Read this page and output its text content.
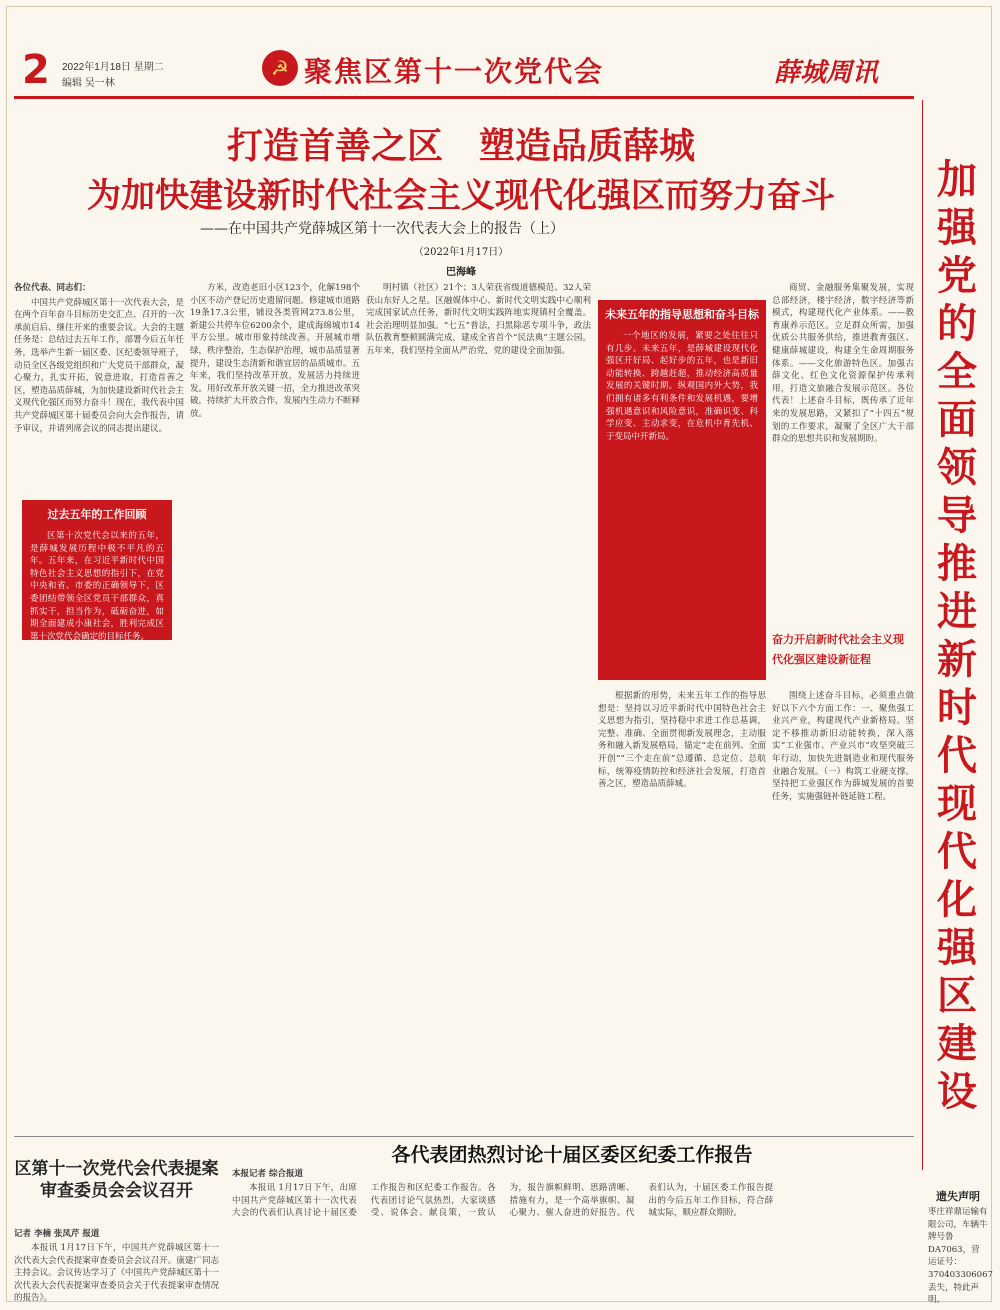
2 2022年1月18日 星期二
编辑 吴一林
☭ 聚焦区第十一次党代会	薛城周讯
加强党的全面领导 推进新时代现代化强区建设
打造首善之区　塑造品质薛城
为加快建设新时代社会主义现代化强区而努力奋斗
——在中国共产党薛城区第十一次代表大会上的报告（上）
（2022年1月17日）
巴海峰

各位代表、同志们：

中国共产党薛城区第十一次代表大会，是在两个百年奋斗目标历史交汇点、召开的一次承前启后、继往开来的重要会议。大会的主题任务是：总结过去五年工作，部署今后五年任务，选举产生新一届区委、区纪委领导班子，动员全区各级党组织和广大党员干部群众，凝心聚力，扎实开拓，锐意进取，打造首善之区，塑造品质薛城，为加快建设新时代社会主义现代化强区而努力奋斗！现在，我代表中国共产党薛城区第十届委员会向大会作报告，请予审议，并请列席会议的同志提出建议。

过去五年的工作回顾

区第十次党代会以来的五年，是薛城发展历程中极不平凡的五年。五年来，在习近平新时代中国特色社会主义思想的指引下，在党中央和省、市委的正确领导下，区委团结带领全区党员干部群众，真抓实干，担当作为，砥砺奋进，如期全面建成小康社会，胜利完成区第十次党代会确定的目标任务。

方米，改造老旧小区123个，化解198个小区不动产登记历史遗留问题。修建城市道路19条17.3公里，铺设各类管网273.8公里，新建公共停车位6200余个，建成海绵城市14平方公里。城市形象持续改善。开展城市增绿，秩序整治，生态保护治理，城市品质显著提升，建设生态清新和谐宜居的品质城市。五年来，我们坚持改革开放，发展活力持续迸发。用好改革开放关键一招，全力推进改革突破，持续扩大开放合作，发展内生动力不断释放。

明村镇（社区）21个；3人荣获省级道德模范、32人荣获山东好人之星。区融媒体中心、新时代文明实践中心顺利完成国家试点任务，新时代文明实践阵地实现镇村全覆盖。社会治理明显加强。“七五”普法，扫黑除恶专项斗争，政法队伍教育整顿圆满完成，建成全省首个“民法典”主题公园。五年来，我们坚持全面从严治党，党的建设全面加强。

未来五年的指导思想和奋斗目标

一个地区的发展，紧要之处往往只有几步。未来五年，是薛城建设现代化强区开好局、起好步的五年，也是新旧动能转换、跨越赶超，推动经济高质量发展的关键时期。纵观国内外大势，我们拥有诸多有利条件和发展机遇，要增强机遇意识和风险意识，准确识变、科学应变、主动求变，在危机中育先机、于变局中开新局。

根据新的形势，未来五年工作的指导思想是：坚持以习近平新时代中国特色社会主义思想为指引，坚持稳中求进工作总基调，完整、准确、全面贯彻新发展理念，主动服务和融入新发展格局，锚定“走在前列、全面开创”“三个走在前”总遵循、总定位、总航标，统筹疫情防控和经济社会发展，打造首善之区，塑造品质薛城。

商贸、金融服务集聚发展，实现总部经济，楼宇经济，数字经济等新模式，构建现代化产业体系。——教育康养示范区。立足群众所需，加强优质公共服务供给，推进教育强区、健康薛城建设，构建全生命周期服务体系。——文化旅游特色区。加强古薛文化、红色文化资源保护传承利用，打造文旅融合发展示范区。各位代表！上述奋斗目标，既传承了近年来的发展思路，又紧扣了“十四五”规划的工作要求，凝聚了全区广大干部群众的思想共识和发展期盼。

奋力开启新时代社会主义现代化强区建设新征程

围绕上述奋斗目标，必须重点做好以下六个方面工作：一、聚焦强工业兴产业，构建现代产业新格局。坚定不移推动新旧动能转换，深入落实“工业强市、产业兴市”攻坚突破三年行动，加快先进制造业和现代服务业融合发展。（一）构筑工业硬支撑。坚持把工业强区作为薛城发展的首要任务，实施强链补链延链工程。

区第十一次党代会代表提案审查委员会会议召开
记者 李楠 张凤芹 报道

本报讯 1月17日下午，中国共产党薛城区第十一次代表大会代表提案审查委员会会议召开。康建广同志主持会议。会议传达学习了《中国共产党薛城区第十一次代表大会代表提案审查委员会关于代表提案审查情况的报告》。

各代表团热烈讨论十届区委区纪委工作报告
本报记者 综合报道

本报讯 1月17日下午，出席中国共产党薛城区第十一次代表大会的代表们认真讨论十届区委工作报告和区纪委工作报告。各代表团讨论气氛热烈，大家谈感受、说体会、献良策，一致认为，报告旗帜鲜明、思路清晰、措施有力，是一个高举旗帜、凝心聚力、催人奋进的好报告。代表们认为，十届区委工作报告提出的今后五年工作目标，符合薛城实际，顺应群众期盼。

遗失声明
枣庄祥鼎运输有限公司，车辆牛牌号鲁DA7063，营运证号：370403306067丢失，特此声明。
